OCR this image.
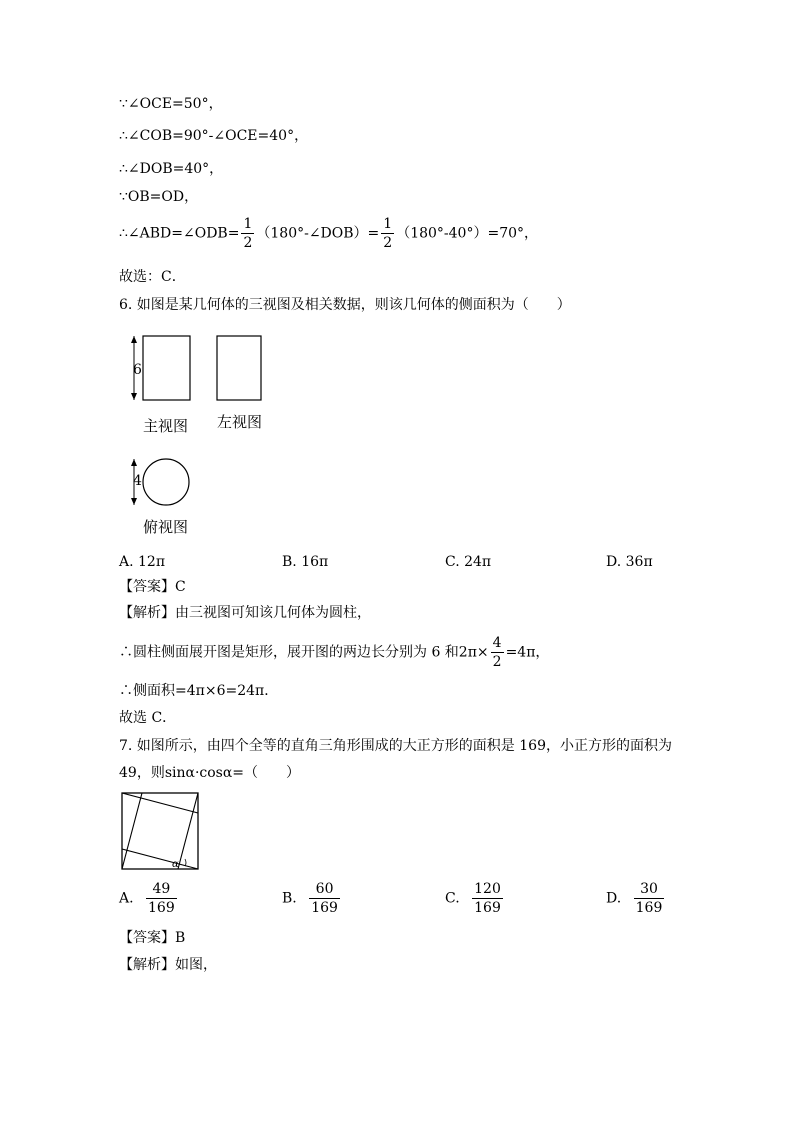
∵∠OCE=50°，
∴∠COB=90°-∠OCE=40°，
∴∠DOB=40°，
∵OB=OD，
∴∠ABD=∠ODB= $\frac{1}{2}$ （180°-∠DOB）= $\frac{1}{2} (180^\circ-40^\circ)=70^\circ$，
故选：C．
6. 如图是某几何体的三视图及相关数据，则该几何体的侧面积为（　　）
6
主视图 左视图
4
俯视图
A. 12π	B. 16π	C. 24π	D. 36π
【答案】C
【解析】由三视图可知该几何体为圆柱，
∴圆柱侧面展开图是矩形，展开图的两边长分别为 6 和$2\pi\times \frac{4}{2} =4\pi$，
∴侧面积=4π×6=24π．
故选 C．
7. 如图所示，由四个全等的直角三角形围成的大正方形的面积是 169，小正方形的面积为
49，则sinα·cosα=（　　）
α
A. $\frac{49}{169}$	B. $\frac{60}{169}$	C. $\frac{120}{169}$	D. $\frac{30}{169}$
【答案】B
【解析】如图，
